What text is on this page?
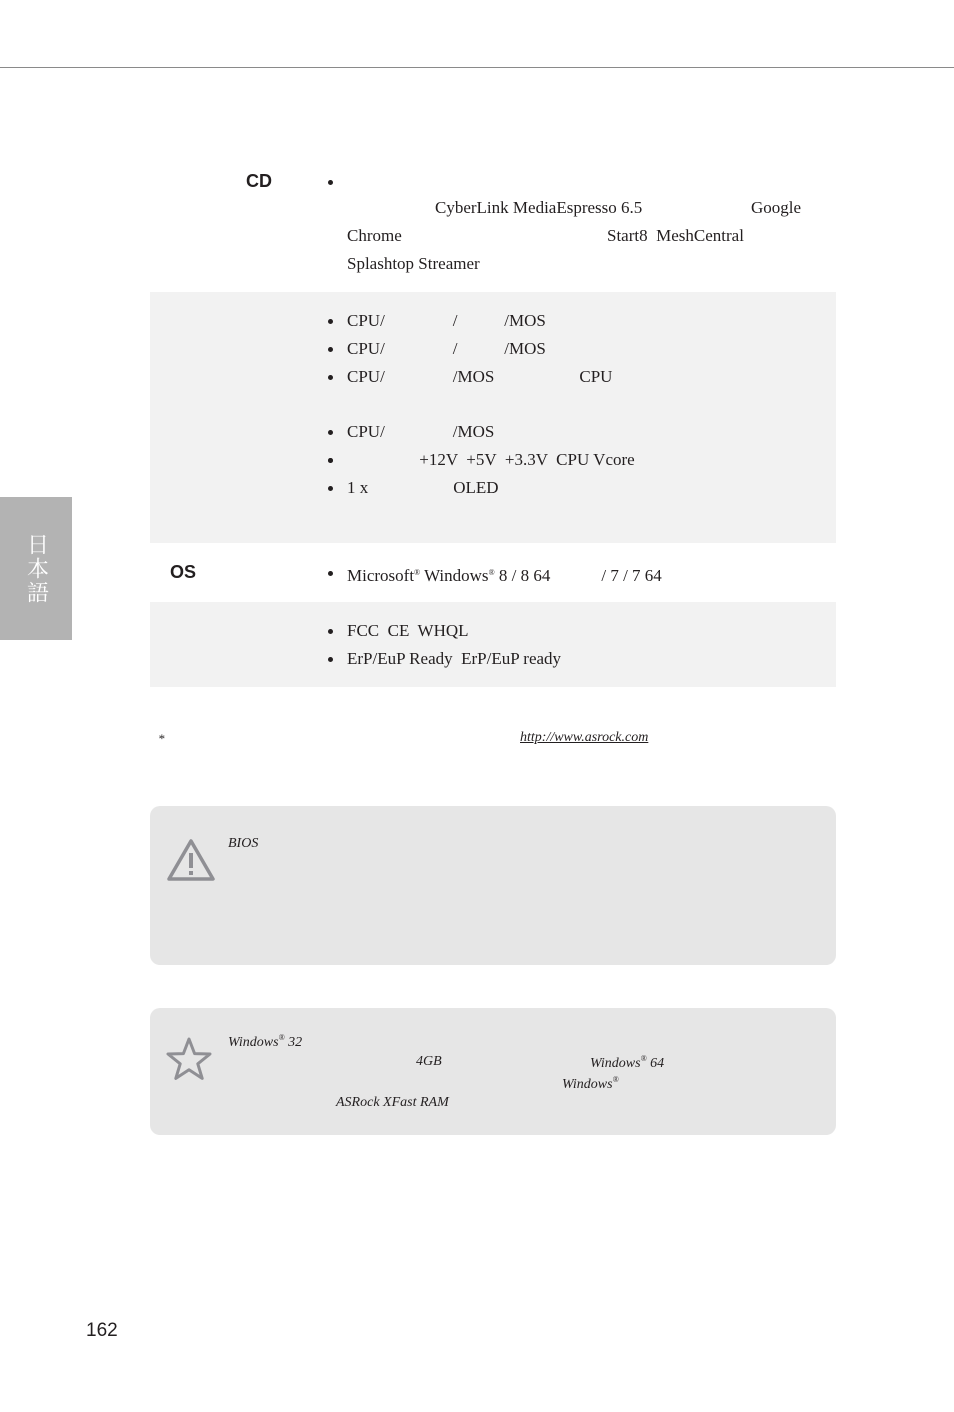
日本語
CD

CyberLink MediaEspresso 6.5	Google
Chrome	Start8  MeshCentral
Splashtop Streamer
CPU/                /           /MOS
CPU/                /           /MOS
CPU/                /MOS                    CPU
CPU/                /MOS
+12V  +5V  +3.3V  CPU Vcore
1 x                    OLED
OS	Microsoft® Windows® 8 / 8 64            / 7 / 7 64
FCC  CE  WHQL
ErP/EuP Ready  ErP/EuP ready
*	http://www.asrock.com
BIOS
Windows® 32
4GB	Windows® 64
Windows®
ASRock XFast RAM
162
